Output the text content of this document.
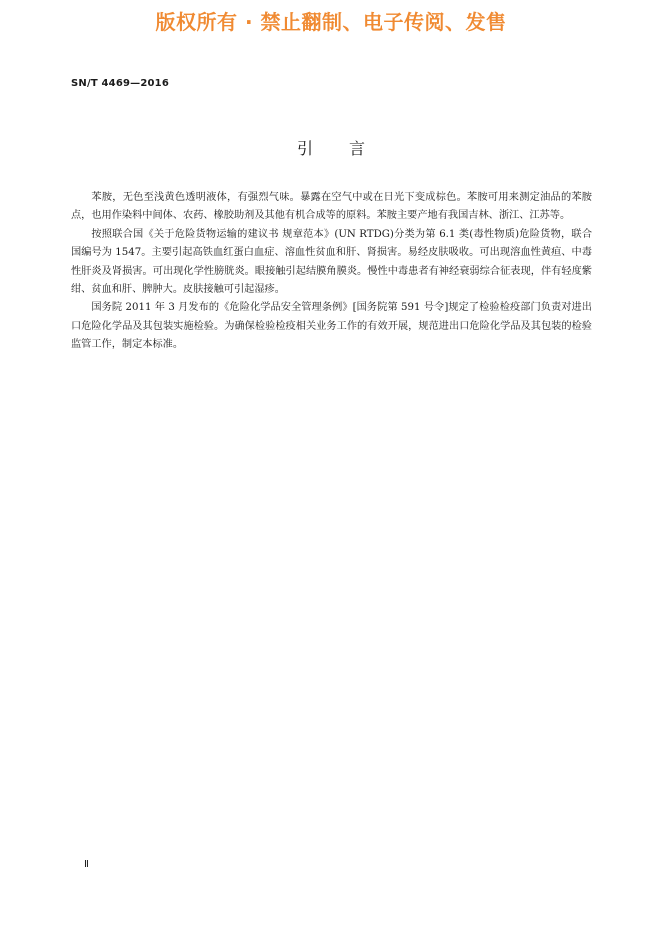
版权所有 · 禁止翻制、电子传阅、发售
SN/T 4469—2016
引言

苯胺，无色至浅黄色透明液体，有强烈气味。暴露在空气中或在日光下变成棕色。苯胺可用来测定油品的苯胺点，也用作染料中间体、农药、橡胶助剂及其他有机合成等的原料。苯胺主要产地有我国吉林、浙江、江苏等。

按照联合国《关于危险货物运输的建议书 规章范本》(UN RTDG)分类为第 6.1 类(毒性物质)危险货物，联合国编号为 1547。主要引起高铁血红蛋白血症、溶血性贫血和肝、肾损害。易经皮肤吸收。可出现溶血性黄疸、中毒性肝炎及肾损害。可出现化学性膀胱炎。眼接触引起结膜角膜炎。慢性中毒患者有神经衰弱综合征表现，伴有轻度紫绀、贫血和肝、脾肿大。皮肤接触可引起湿疹。

国务院 2011 年 3 月发布的《危险化学品安全管理条例》[国务院第 591 号令]规定了检验检疫部门负责对进出口危险化学品及其包装实施检验。为确保检验检疫相关业务工作的有效开展，规范进出口危险化学品及其包装的检验监管工作，制定本标准。

Ⅱ
